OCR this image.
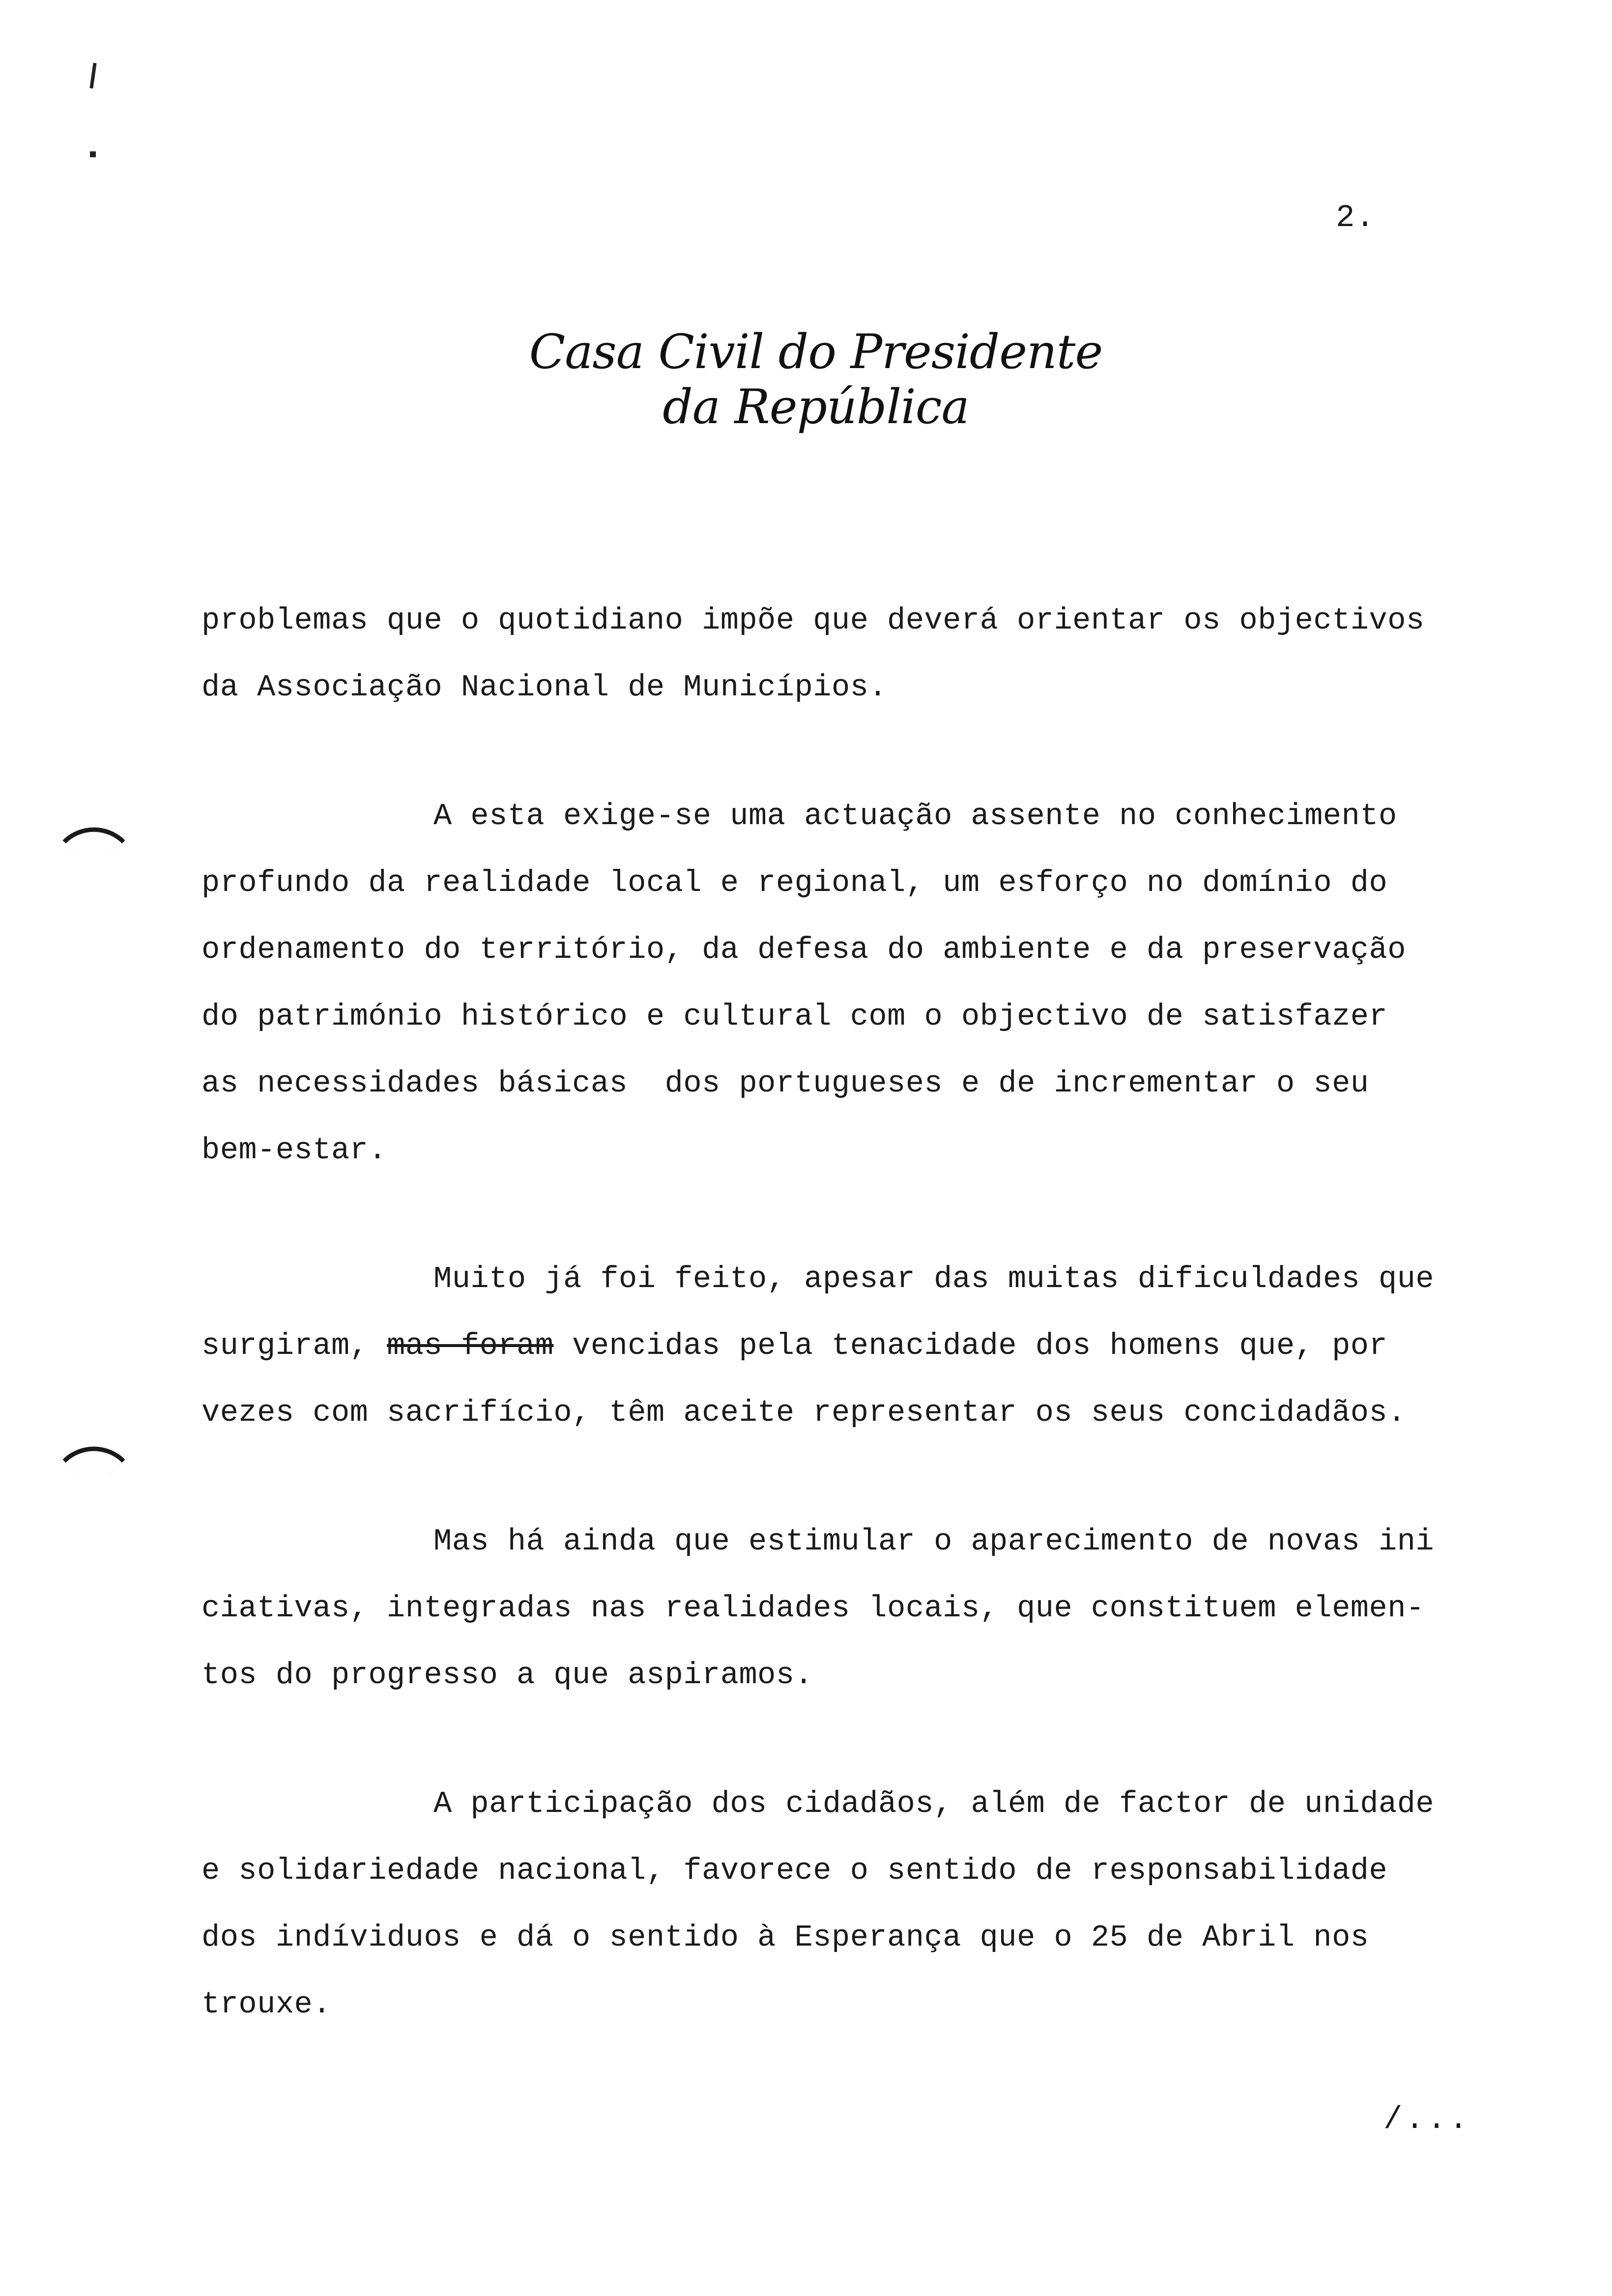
2.
Casa Civil do Presidente da República
problemas que o quotidiano impõe que deverá orientar os objectivos
da Associação Nacional de Municípios.
A esta exige-se uma actuação assente no conhecimento
profundo da realidade local e regional, um esforço no domínio do
ordenamento do território, da defesa do ambiente e da preservação
do património histórico e cultural com o objectivo de satisfazer
as necessidades básicas  dos portugueses e de incrementar o seu
bem-estar.
Muito já foi feito, apesar das muitas dificuldades que
surgiram, mas foram vencidas pela tenacidade dos homens que, por
vezes com sacrifício, têm aceite representar os seus concidadãos.
Mas há ainda que estimular o aparecimento de novas ini
ciativas, integradas nas realidades locais, que constituem elemen-
tos do progresso a que aspiramos.
A participação dos cidadãos, além de factor de unidade
e solidariedade nacional, favorece o sentido de responsabilidade
dos indíviduos e dá o sentido à Esperança que o 25 de Abril nos
trouxe.
/...
